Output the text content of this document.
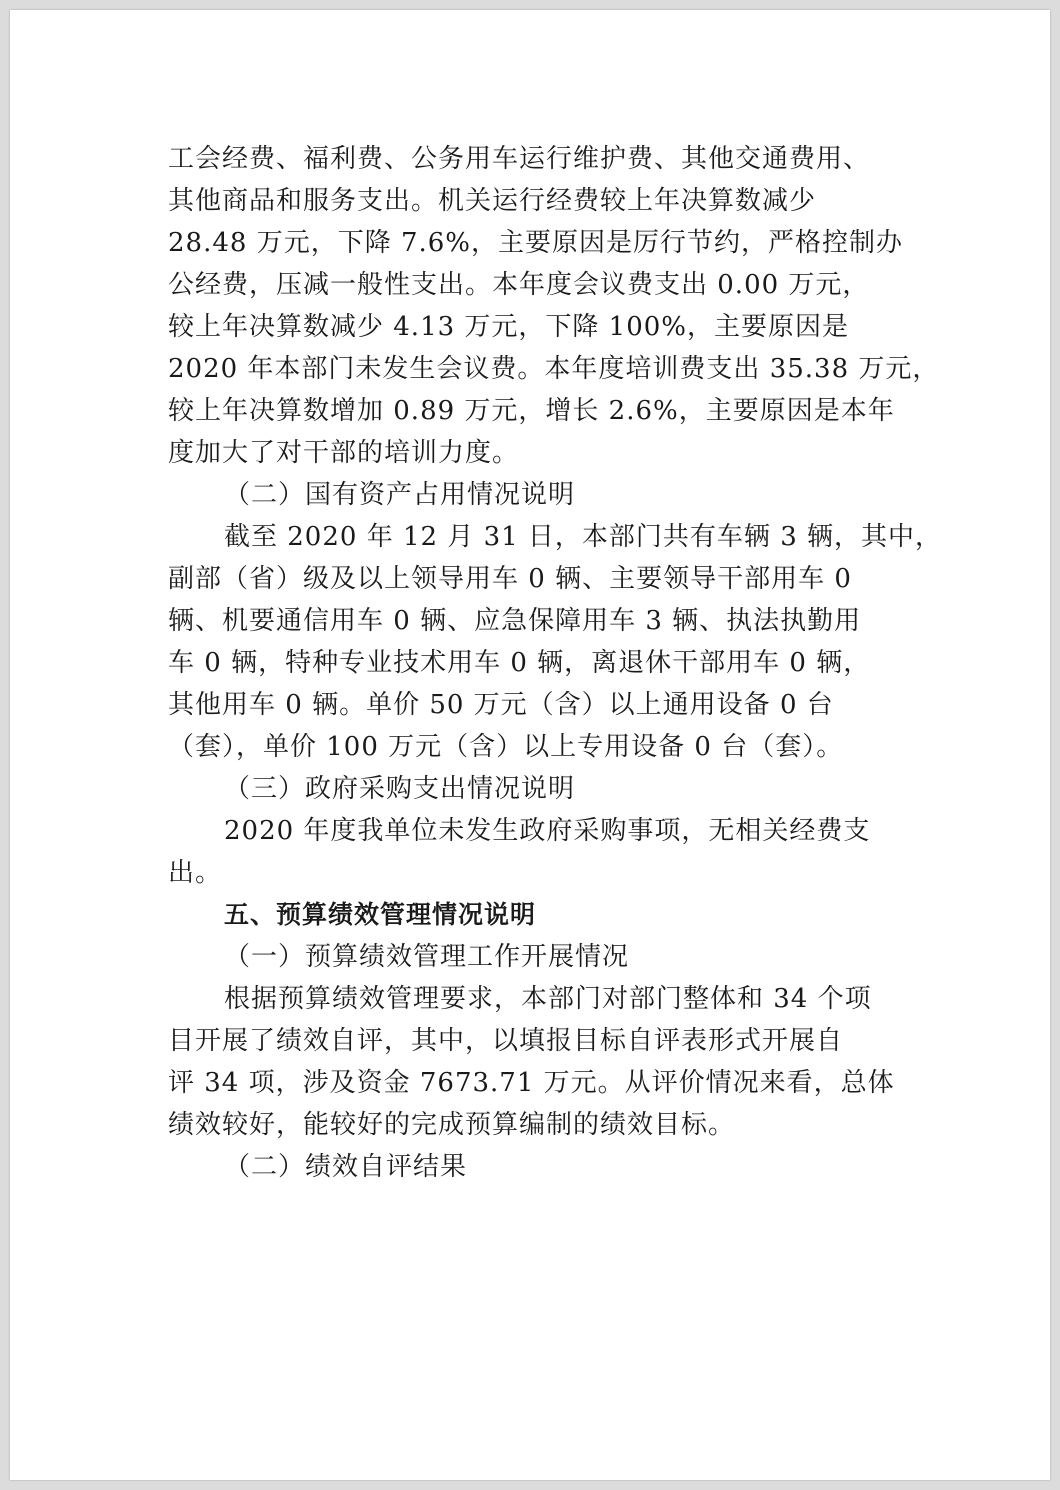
工会经费、福利费、公务用车运行维护费、其他交通费用、
其他商品和服务支出。机关运行经费较上年决算数减少
28.48 万元，下降 7.6%，主要原因是厉行节约，严格控制办
公经费，压减一般性支出。本年度会议费支出 0.00 万元，
较上年决算数减少 4.13 万元，下降 100%，主要原因是
2020 年本部门未发生会议费。本年度培训费支出 35.38 万元，
较上年决算数增加 0.89 万元，增长 2.6%，主要原因是本年
度加大了对干部的培训力度。
（二）国有资产占用情况说明
截至 2020 年 12 月 31 日，本部门共有车辆 3 辆，其中，
副部（省）级及以上领导用车 0 辆、主要领导干部用车 0
辆、机要通信用车 0 辆、应急保障用车 3 辆、执法执勤用
车 0 辆，特种专业技术用车 0 辆，离退休干部用车 0 辆，
其他用车 0 辆。单价 50 万元（含）以上通用设备 0 台
（套），单价 100 万元（含）以上专用设备 0 台（套）。
（三）政府采购支出情况说明
2020 年度我单位未发生政府采购事项，无相关经费支
出。
五、预算绩效管理情况说明
（一）预算绩效管理工作开展情况
根据预算绩效管理要求，本部门对部门整体和 34 个项
目开展了绩效自评，其中，以填报目标自评表形式开展自
评 34 项，涉及资金 7673.71 万元。从评价情况来看，总体
绩效较好，能较好的完成预算编制的绩效目标。
（二）绩效自评结果
